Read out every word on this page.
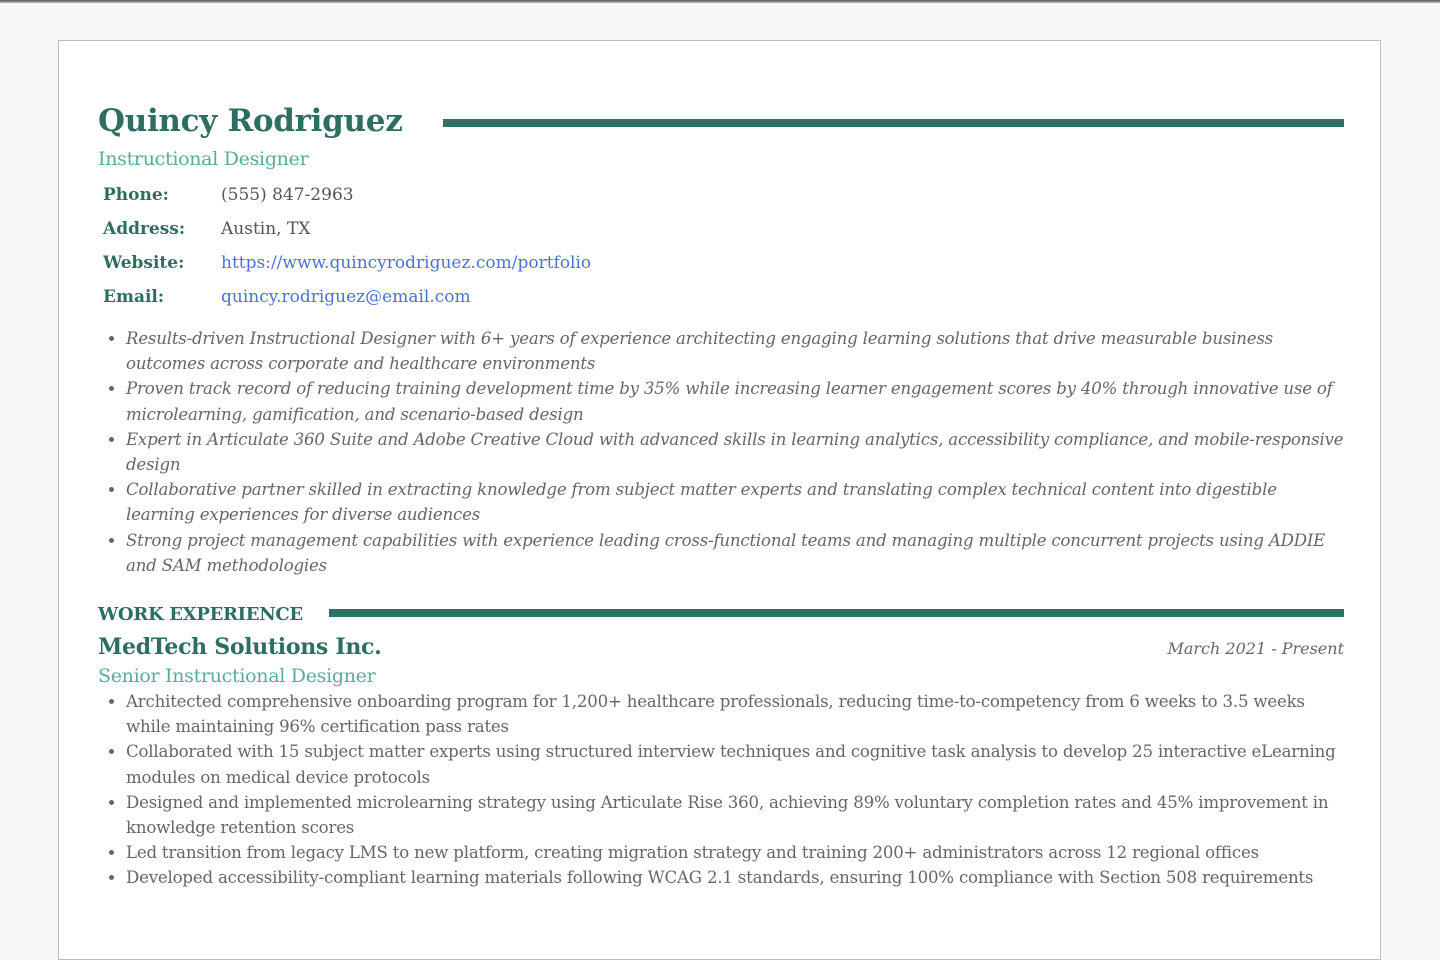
Quincy Rodriguez
Instructional Designer
Phone:	(555) 847-2963
Address:	Austin, TX
Website:	https://www.quincyrodriguez.com/portfolio
Email:	quincy.rodriguez@email.com
• Results-driven Instructional Designer with 6+ years of experience architecting engaging learning solutions that drive measurable business outcomes across corporate and healthcare environments
• Proven track record of reducing training development time by 35% while increasing learner engagement scores by 40% through innovative use of microlearning, gamification, and scenario-based design
• Expert in Articulate 360 Suite and Adobe Creative Cloud with advanced skills in learning analytics, accessibility compliance, and mobile-responsive design
• Collaborative partner skilled in extracting knowledge from subject matter experts and translating complex technical content into digestible learning experiences for diverse audiences
• Strong project management capabilities with experience leading cross-functional teams and managing multiple concurrent projects using ADDIE and SAM methodologies
WORK EXPERIENCE
MedTech Solutions Inc.	March 2021 - Present
Senior Instructional Designer
• Architected comprehensive onboarding program for 1,200+ healthcare professionals, reducing time-to-competency from 6 weeks to 3.5 weeks while maintaining 96% certification pass rates
• Collaborated with 15 subject matter experts using structured interview techniques and cognitive task analysis to develop 25 interactive eLearning modules on medical device protocols
• Designed and implemented microlearning strategy using Articulate Rise 360, achieving 89% voluntary completion rates and 45% improvement in knowledge retention scores
• Led transition from legacy LMS to new platform, creating migration strategy and training 200+ administrators across 12 regional offices
• Developed accessibility-compliant learning materials following WCAG 2.1 standards, ensuring 100% compliance with Section 508 requirements
